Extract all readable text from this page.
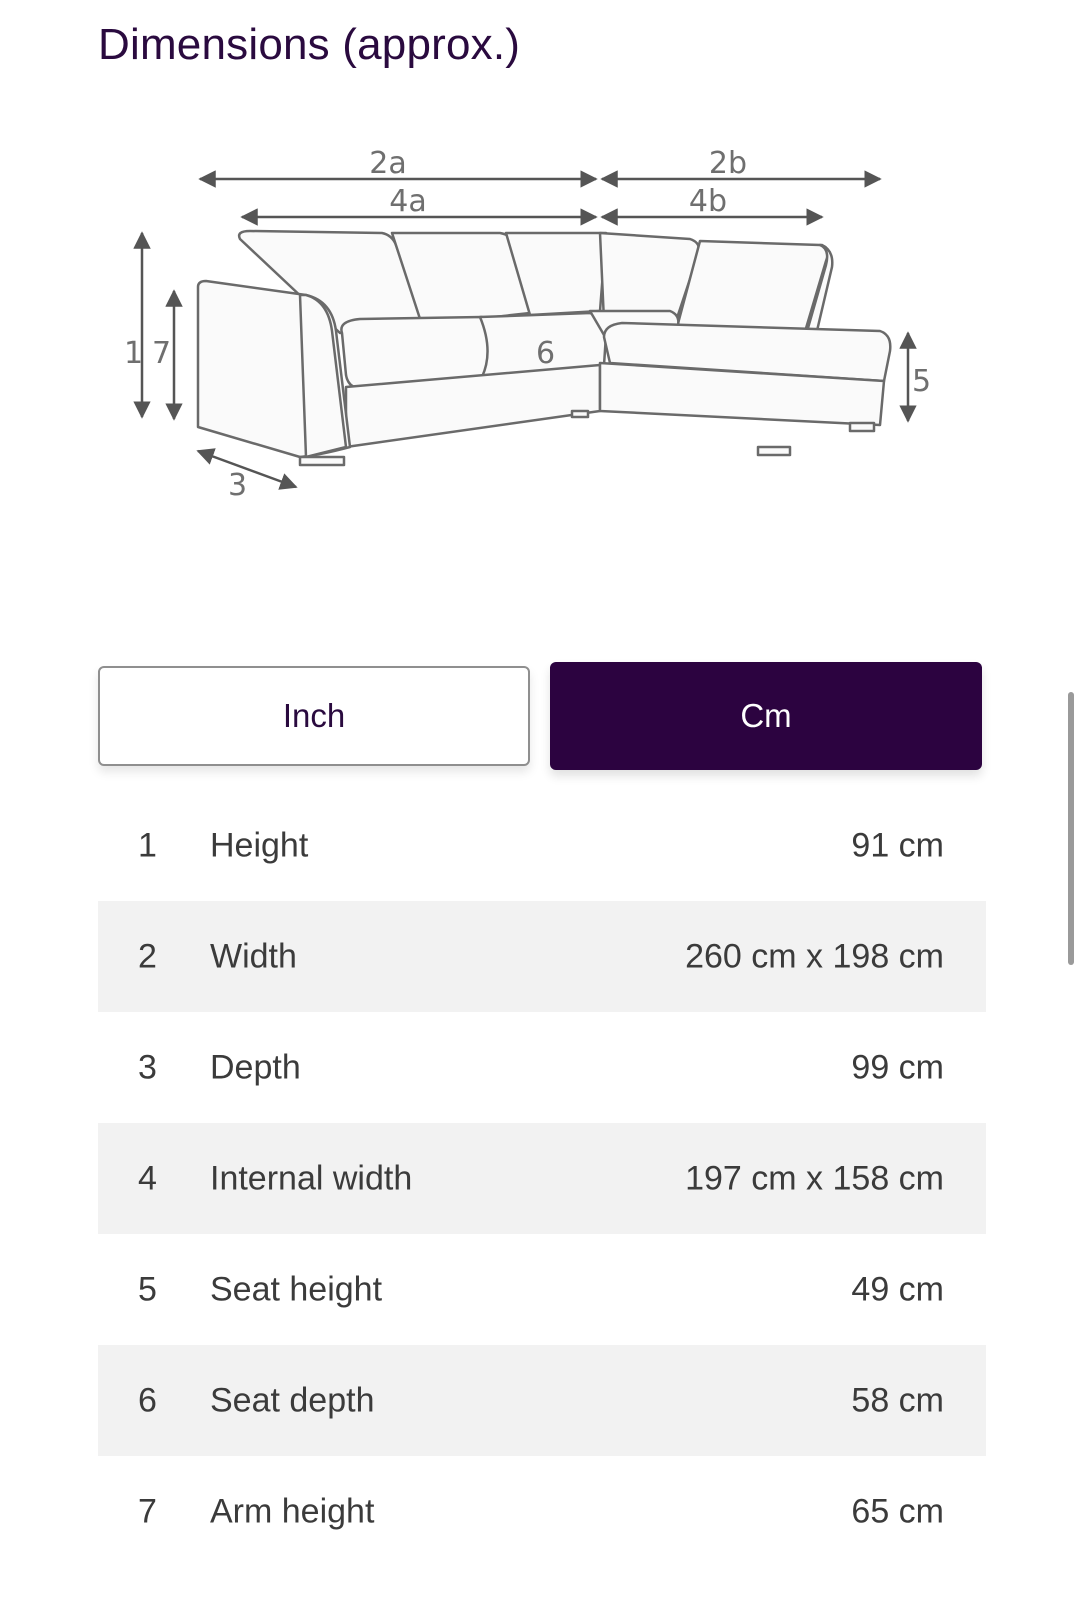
Dimensions (approx.)
2a	2b
4a	4b
1 7	6
5
3
Inch	Cm
1 Height	91 cm
2 Width	260 cm x 198 cm
3 Depth	99 cm
4 Internal width	197 cm x 158 cm
5 Seat height	49 cm
6 Seat depth	58 cm
7 Arm height	65 cm
